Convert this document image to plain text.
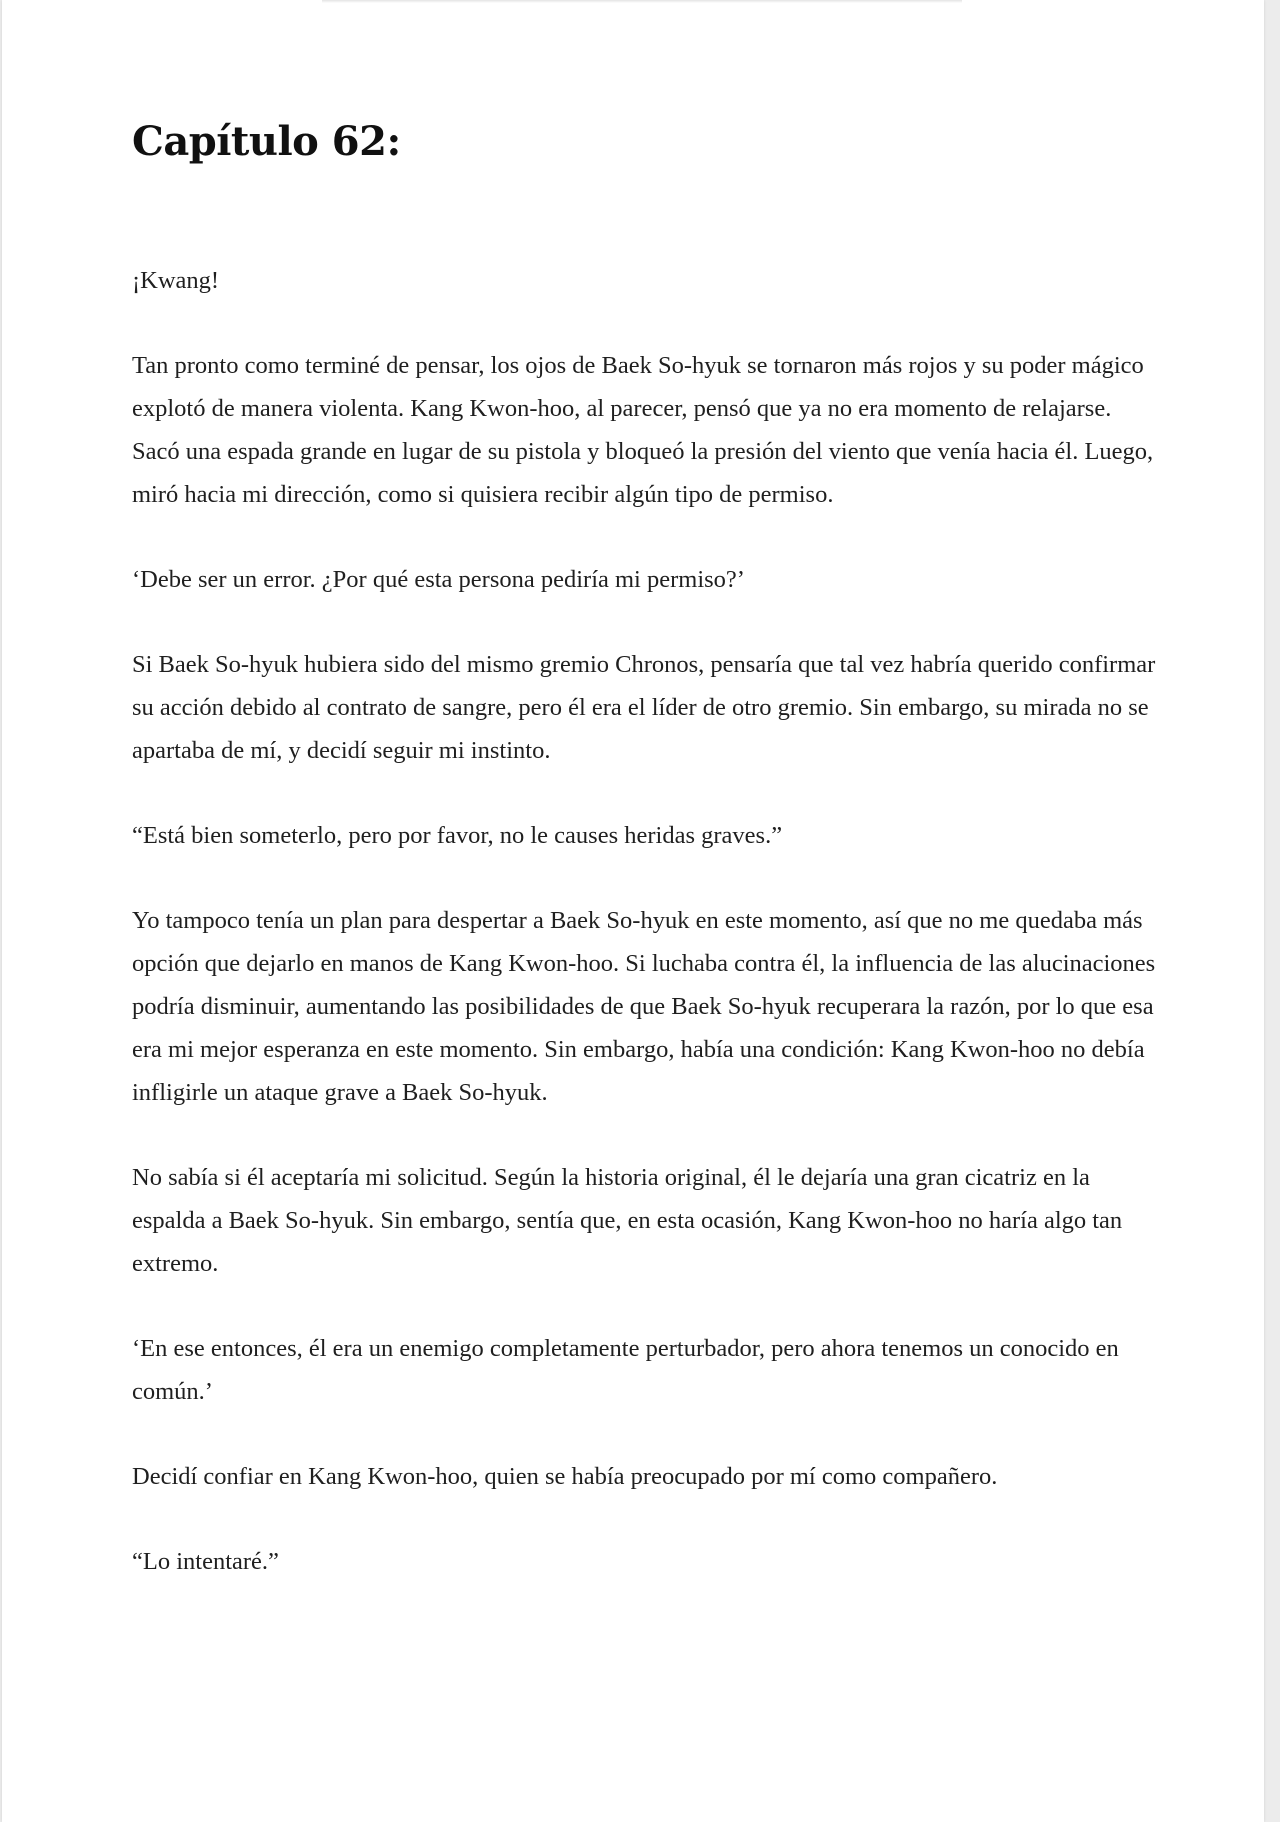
Capítulo 62:

¡Kwang!

Tan pronto como terminé de pensar, los ojos de Baek So-hyuk se tornaron más rojos y su poder mágico explotó de manera violenta. Kang Kwon-hoo, al parecer, pensó que ya no era momento de relajarse. Sacó una espada grande en lugar de su pistola y bloqueó la presión del viento que venía hacia él. Luego, miró hacia mi dirección, como si quisiera recibir algún tipo de permiso.

‘Debe ser un error. ¿Por qué esta persona pediría mi permiso?’

Si Baek So-hyuk hubiera sido del mismo gremio Chronos, pensaría que tal vez habría querido confirmar su acción debido al contrato de sangre, pero él era el líder de otro gremio. Sin embargo, su mirada no se apartaba de mí, y decidí seguir mi instinto.

“Está bien someterlo, pero por favor, no le causes heridas graves.”

Yo tampoco tenía un plan para despertar a Baek So-hyuk en este momento, así que no me quedaba más opción que dejarlo en manos de Kang Kwon-hoo. Si luchaba contra él, la influencia de las alucinaciones podría disminuir, aumentando las posibilidades de que Baek So-hyuk recuperara la razón, por lo que esa era mi mejor esperanza en este momento. Sin embargo, había una condición: Kang Kwon-hoo no debía infligirle un ataque grave a Baek So-hyuk.

No sabía si él aceptaría mi solicitud. Según la historia original, él le dejaría una gran cicatriz en la espalda a Baek So-hyuk. Sin embargo, sentía que, en esta ocasión, Kang Kwon-hoo no haría algo tan extremo.

‘En ese entonces, él era un enemigo completamente perturbador, pero ahora tenemos un conocido en común.’

Decidí confiar en Kang Kwon-hoo, quien se había preocupado por mí como compañero.

“Lo intentaré.”
